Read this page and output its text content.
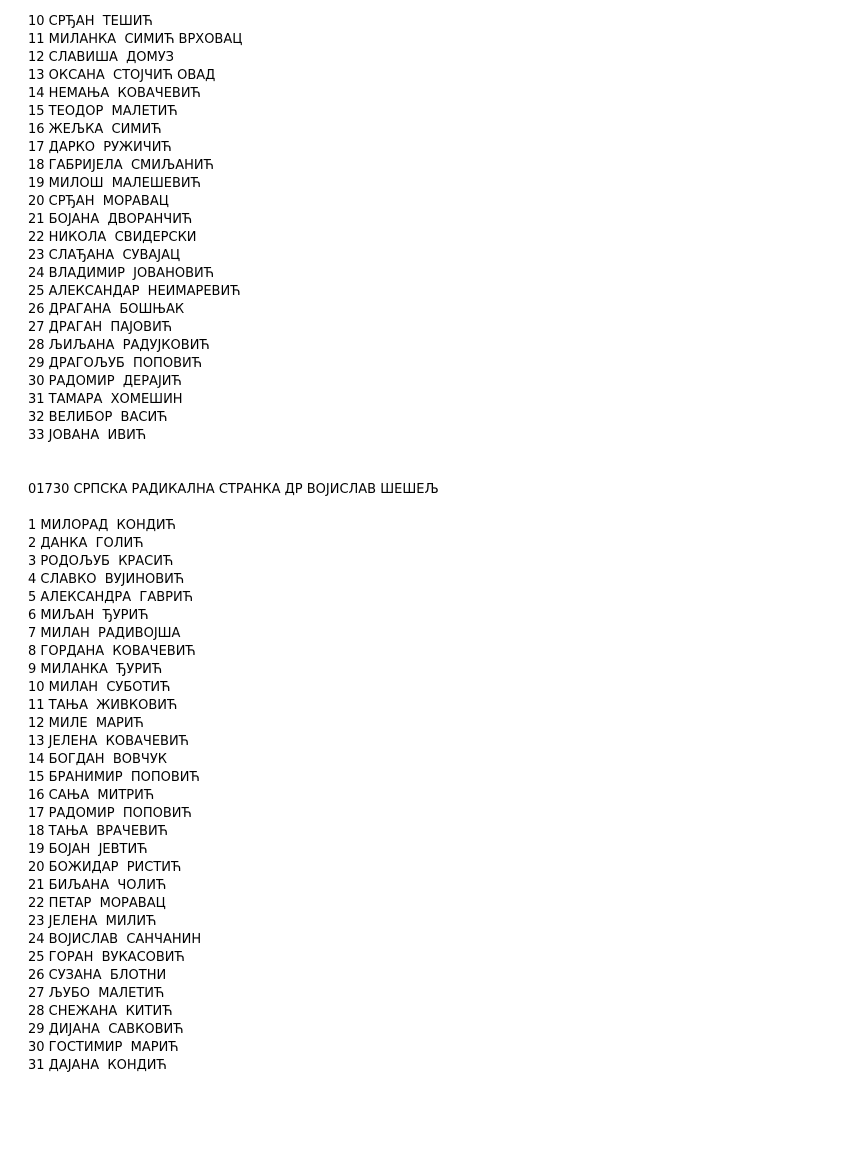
10 СРЂАН  ТЕШИЋ
11 МИЛАНКА  СИМИЋ ВРХОВАЦ
12 СЛАВИША  ДОМУЗ
13 ОКСАНА  СТОЈЧИЋ ОВАД
14 НЕМАЊА  КОВАЧЕВИЋ
15 ТЕОДОР  МАЛЕТИЋ
16 ЖЕЉКА  СИМИЋ
17 ДАРКО  РУЖИЧИЋ
18 ГАБРИЈЕЛА  СМИЉАНИЋ
19 МИЛОШ  МАЛЕШЕВИЋ
20 СРЂАН  МОРАВАЦ
21 БОЈАНА  ДВОРАНЧИЋ
22 НИКОЛА  СВИДЕРСКИ
23 СЛАЂАНА  СУВАЈАЦ
24 ВЛАДИМИР  ЈОВАНОВИЋ
25 АЛЕКСАНДАР  НЕИМАРЕВИЋ
26 ДРАГАНА  БОШЊАК
27 ДРАГАН  ПАЈОВИЋ
28 ЉИЉАНА  РАДУЈКОВИЋ
29 ДРАГОЉУБ  ПОПОВИЋ
30 РАДОМИР  ДЕРАЈИЋ
31 ТАМАРА  ХОМЕШИН
32 ВЕЛИБОР  ВАСИЋ
33 ЈОВАНА  ИВИЋ
01730 СРПСКА РАДИКАЛНА СТРАНКА ДР ВОЈИСЛАВ ШЕШЕЉ
1 МИЛОРАД  КОНДИЋ
2 ДАНКА  ГОЛИЋ
3 РОДОЉУБ  КРАСИЋ
4 СЛАВКО  ВУЈИНОВИЋ
5 АЛЕКСАНДРА  ГАВРИЋ
6 МИЉАН  ЂУРИЋ
7 МИЛАН  РАДИВОЈША
8 ГОРДАНА  КОВАЧЕВИЋ
9 МИЛАНКА  ЂУРИЋ
10 МИЛАН  СУБОТИЋ
11 ТАЊА  ЖИВКОВИЋ
12 МИЛЕ  МАРИЋ
13 ЈЕЛЕНА  КОВАЧЕВИЋ
14 БОГДАН  ВОВЧУК
15 БРАНИМИР  ПОПОВИЋ
16 САЊА  МИТРИЋ
17 РАДОМИР  ПОПОВИЋ
18 ТАЊА  ВРАЧЕВИЋ
19 БОЈАН  ЈЕВТИЋ
20 БОЖИДАР  РИСТИЋ
21 БИЉАНА  ЧОЛИЋ
22 ПЕТАР  МОРАВАЦ
23 ЈЕЛЕНА  МИЛИЋ
24 ВОЈИСЛАВ  САНЧАНИН
25 ГОРАН  ВУКАСОВИЋ
26 СУЗАНА  БЛОТНИ
27 ЉУБО  МАЛЕТИЋ
28 СНЕЖАНА  КИТИЋ
29 ДИЈАНА  САВКОВИЋ
30 ГОСТИМИР  МАРИЋ
31 ДАЈАНА  КОНДИЋ
